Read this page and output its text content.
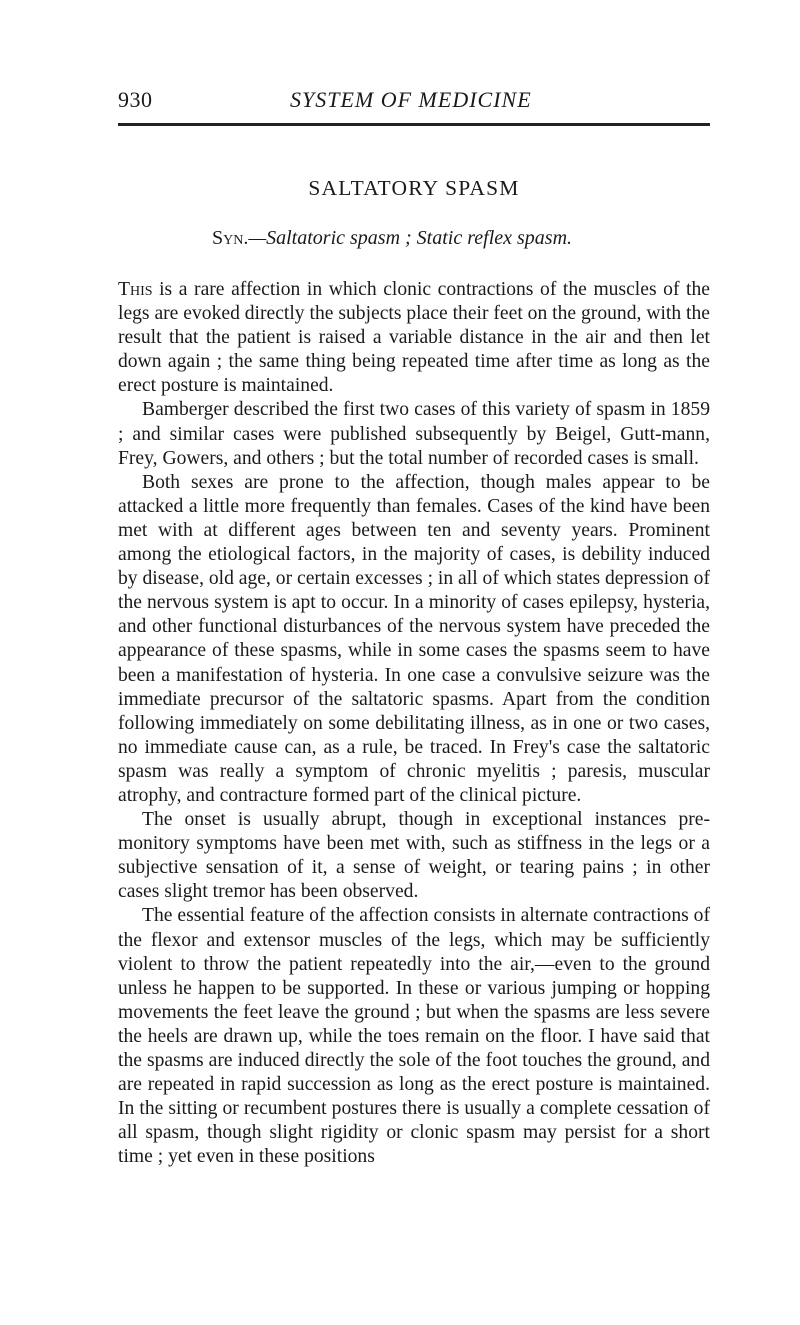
930	SYSTEM OF MEDICINE
SALTATORY SPASM

Syn.—Saltatoric spasm ; Static reflex spasm.

This is a rare affection in which clonic contractions of the muscles of the legs are evoked directly the subjects place their feet on the ground, with the result that the patient is raised a variable distance in the air and then let down again ; the same thing being repeated time after time as long as the erect posture is maintained.

Bamberger described the first two cases of this variety of spasm in 1859 ; and similar cases were published subsequently by Beigel, Gutt-mann, Frey, Gowers, and others ; but the total number of recorded cases is small.

Both sexes are prone to the affection, though males appear to be attacked a little more frequently than females. Cases of the kind have been met with at different ages between ten and seventy years. Prominent among the etiological factors, in the majority of cases, is debility induced by disease, old age, or certain excesses ; in all of which states depression of the nervous system is apt to occur. In a minority of cases epilepsy, hysteria, and other functional disturbances of the nervous system have preceded the appearance of these spasms, while in some cases the spasms seem to have been a manifestation of hysteria. In one case a convulsive seizure was the immediate precursor of the saltatoric spasms. Apart from the condition following immediately on some debilitating illness, as in one or two cases, no immediate cause can, as a rule, be traced. In Frey's case the saltatoric spasm was really a symptom of chronic myelitis ; paresis, muscular atrophy, and contracture formed part of the clinical picture.

The onset is usually abrupt, though in exceptional instances pre-monitory symptoms have been met with, such as stiffness in the legs or a subjective sensation of it, a sense of weight, or tearing pains ; in other cases slight tremor has been observed.

The essential feature of the affection consists in alternate contractions of the flexor and extensor muscles of the legs, which may be sufficiently violent to throw the patient repeatedly into the air,—even to the ground unless he happen to be supported. In these or various jumping or hopping movements the feet leave the ground ; but when the spasms are less severe the heels are drawn up, while the toes remain on the floor. I have said that the spasms are induced directly the sole of the foot touches the ground, and are repeated in rapid succession as long as the erect posture is maintained. In the sitting or recumbent postures there is usually a complete cessation of all spasm, though slight rigidity or clonic spasm may persist for a short time ; yet even in these positions
